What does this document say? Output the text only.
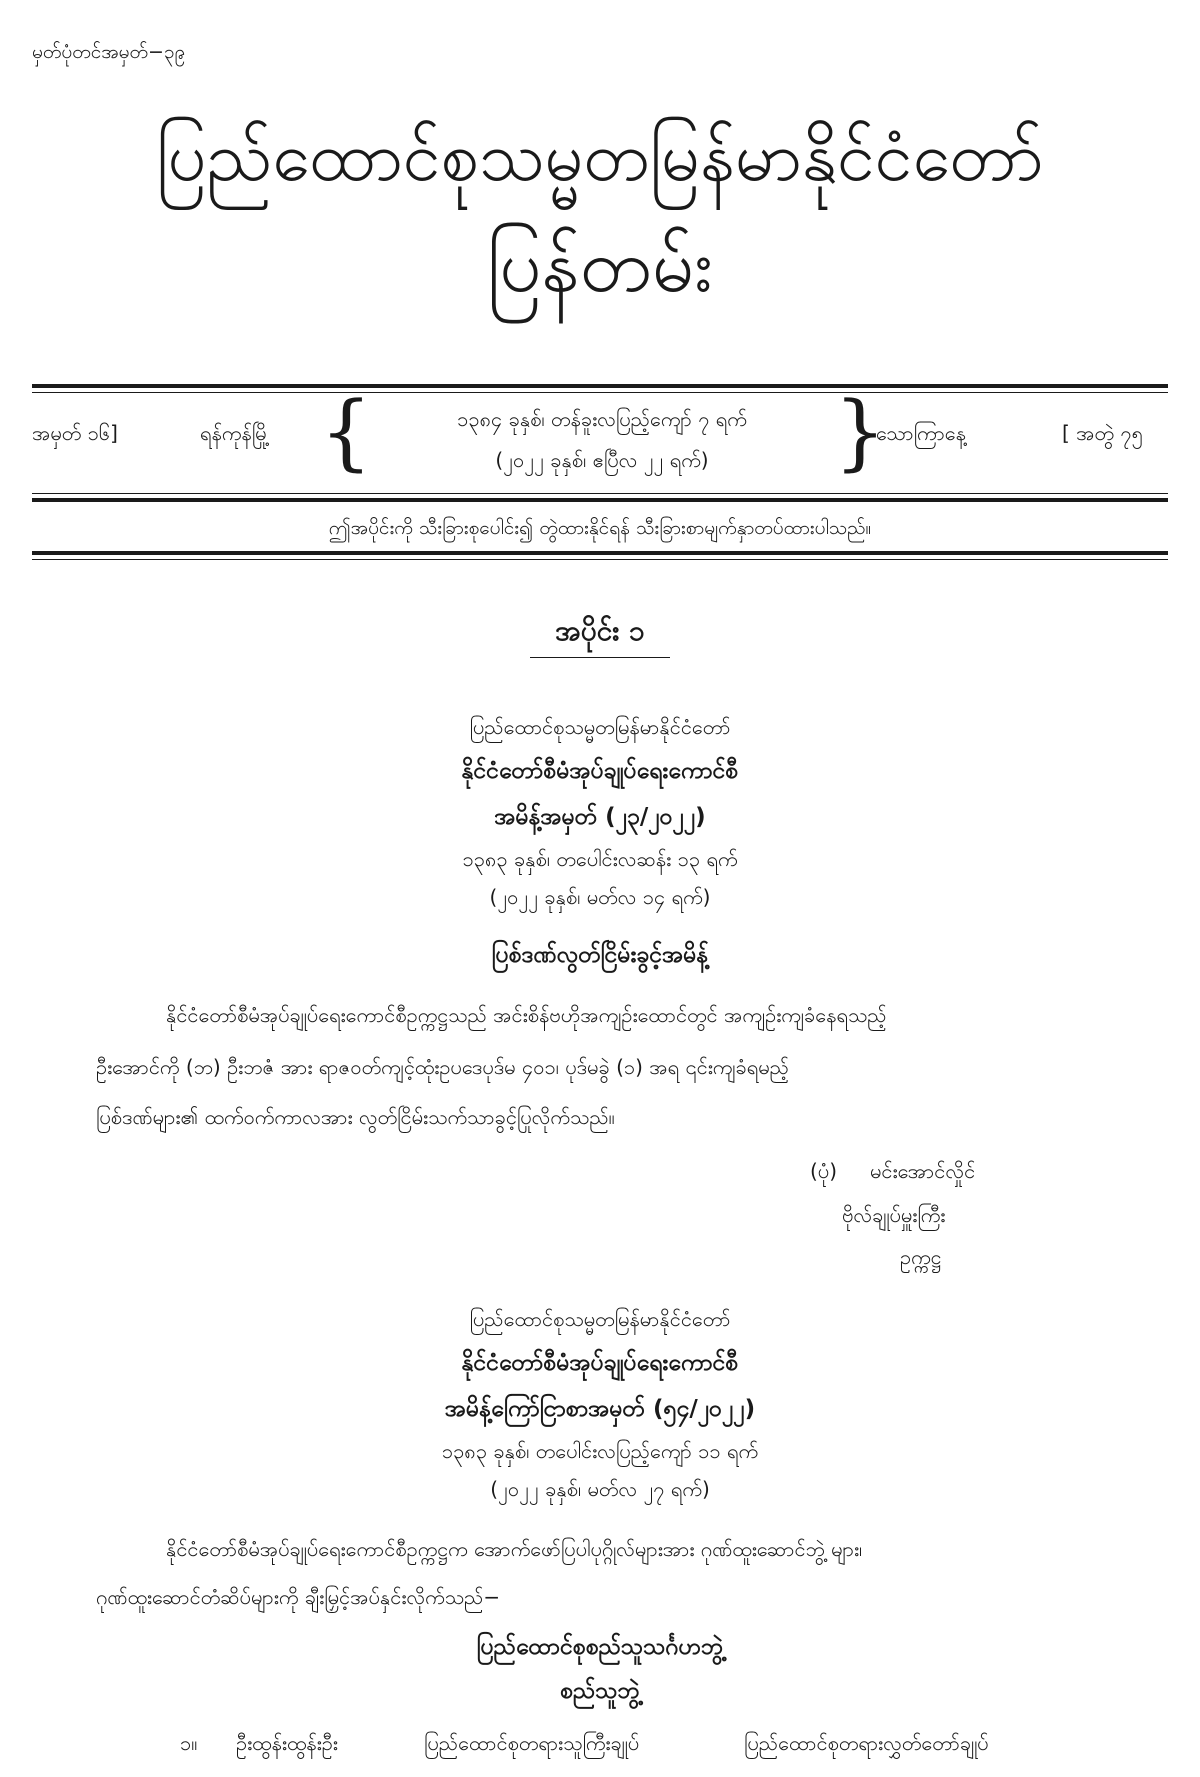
မှတ်ပုံတင်အမှတ်−၃၉
ပြည်ထောင်စုသမ္မတမြန်မာနိုင်ငံတော်
ပြန်တမ်း
အမှတ် ၁၆]	ရန်ကုန်မြို့ {	၁၃၈၄ ခုနှစ်၊ တန်ခူးလပြည့်ကျော် ၇ ရက်
(၂၀၂၂ ခုနှစ်၊ ဧပြီလ ၂၂ ရက်)	}
သောကြာနေ့	[ အတွဲ ၇၅
ဤအပိုင်းကို သီးခြားစုပေါင်း၍ တွဲထားနိုင်ရန် သီးခြားစာမျက်နှာတပ်ထားပါသည်။
အပိုင်း ၁
ပြည်ထောင်စုသမ္မတမြန်မာနိုင်ငံတော်
နိုင်ငံတော်စီမံအုပ်ချုပ်ရေးကောင်စီ
အမိန့်အမှတ် (၂၃/၂၀၂၂)
၁၃၈၃ ခုနှစ်၊ တပေါင်းလဆန်း ၁၃ ရက်
(၂၀၂၂ ခုနှစ်၊ မတ်လ ၁၄ ရက်)
ပြစ်ဒဏ်လွတ်ငြိမ်းခွင့်အမိန့်
နိုင်ငံတော်စီမံအုပ်ချုပ်ရေးကောင်စီဥက္ကဋ္ဌသည် အင်းစိန်ဗဟိုအကျဉ်းထောင်တွင် အကျဉ်းကျခံနေရသည့်
ဦးအောင်ကို (ဘ) ဦးဘဇံ အား ရာဇဝတ်ကျင့်ထုံးဥပဒေပုဒ်မ ၄၀၁၊ ပုဒ်မခွဲ (၁) အရ ၎င်းကျခံရမည့်
ပြစ်ဒဏ်များ၏ ထက်ဝက်ကာလအား လွတ်ငြိမ်းသက်သာခွင့်ပြုလိုက်သည်။
(ပုံ) မင်းအောင်လှိုင်
ဗိုလ်ချုပ်မှူးကြီး
ဥက္ကဋ္ဌ
ပြည်ထောင်စုသမ္မတမြန်မာနိုင်ငံတော်
နိုင်ငံတော်စီမံအုပ်ချုပ်ရေးကောင်စီ
အမိန့်ကြော်ငြာစာအမှတ် (၅၄/၂၀၂၂)
၁၃၈၃ ခုနှစ်၊ တပေါင်းလပြည့်ကျော် ၁၁ ရက်
(၂၀၂၂ ခုနှစ်၊ မတ်လ ၂၇ ရက်)
နိုင်ငံတော်စီမံအုပ်ချုပ်ရေးကောင်စီဥက္ကဋ္ဌက အောက်ဖော်ပြပါပုဂ္ဂိုလ်များအား ဂုဏ်ထူးဆောင်ဘွဲ့ များ၊
ဂုဏ်ထူးဆောင်တံဆိပ်များကို ချီးမြှင့်အပ်နှင်းလိုက်သည်−
ပြည်ထောင်စုစည်သူသင်္ဂဟဘွဲ့
စည်သူဘွဲ့
၁။ ဦးထွန်းထွန်းဦး	ပြည်ထောင်စုတရားသူကြီးချုပ်	ပြည်ထောင်စုတရားလွှတ်တော်ချုပ်
